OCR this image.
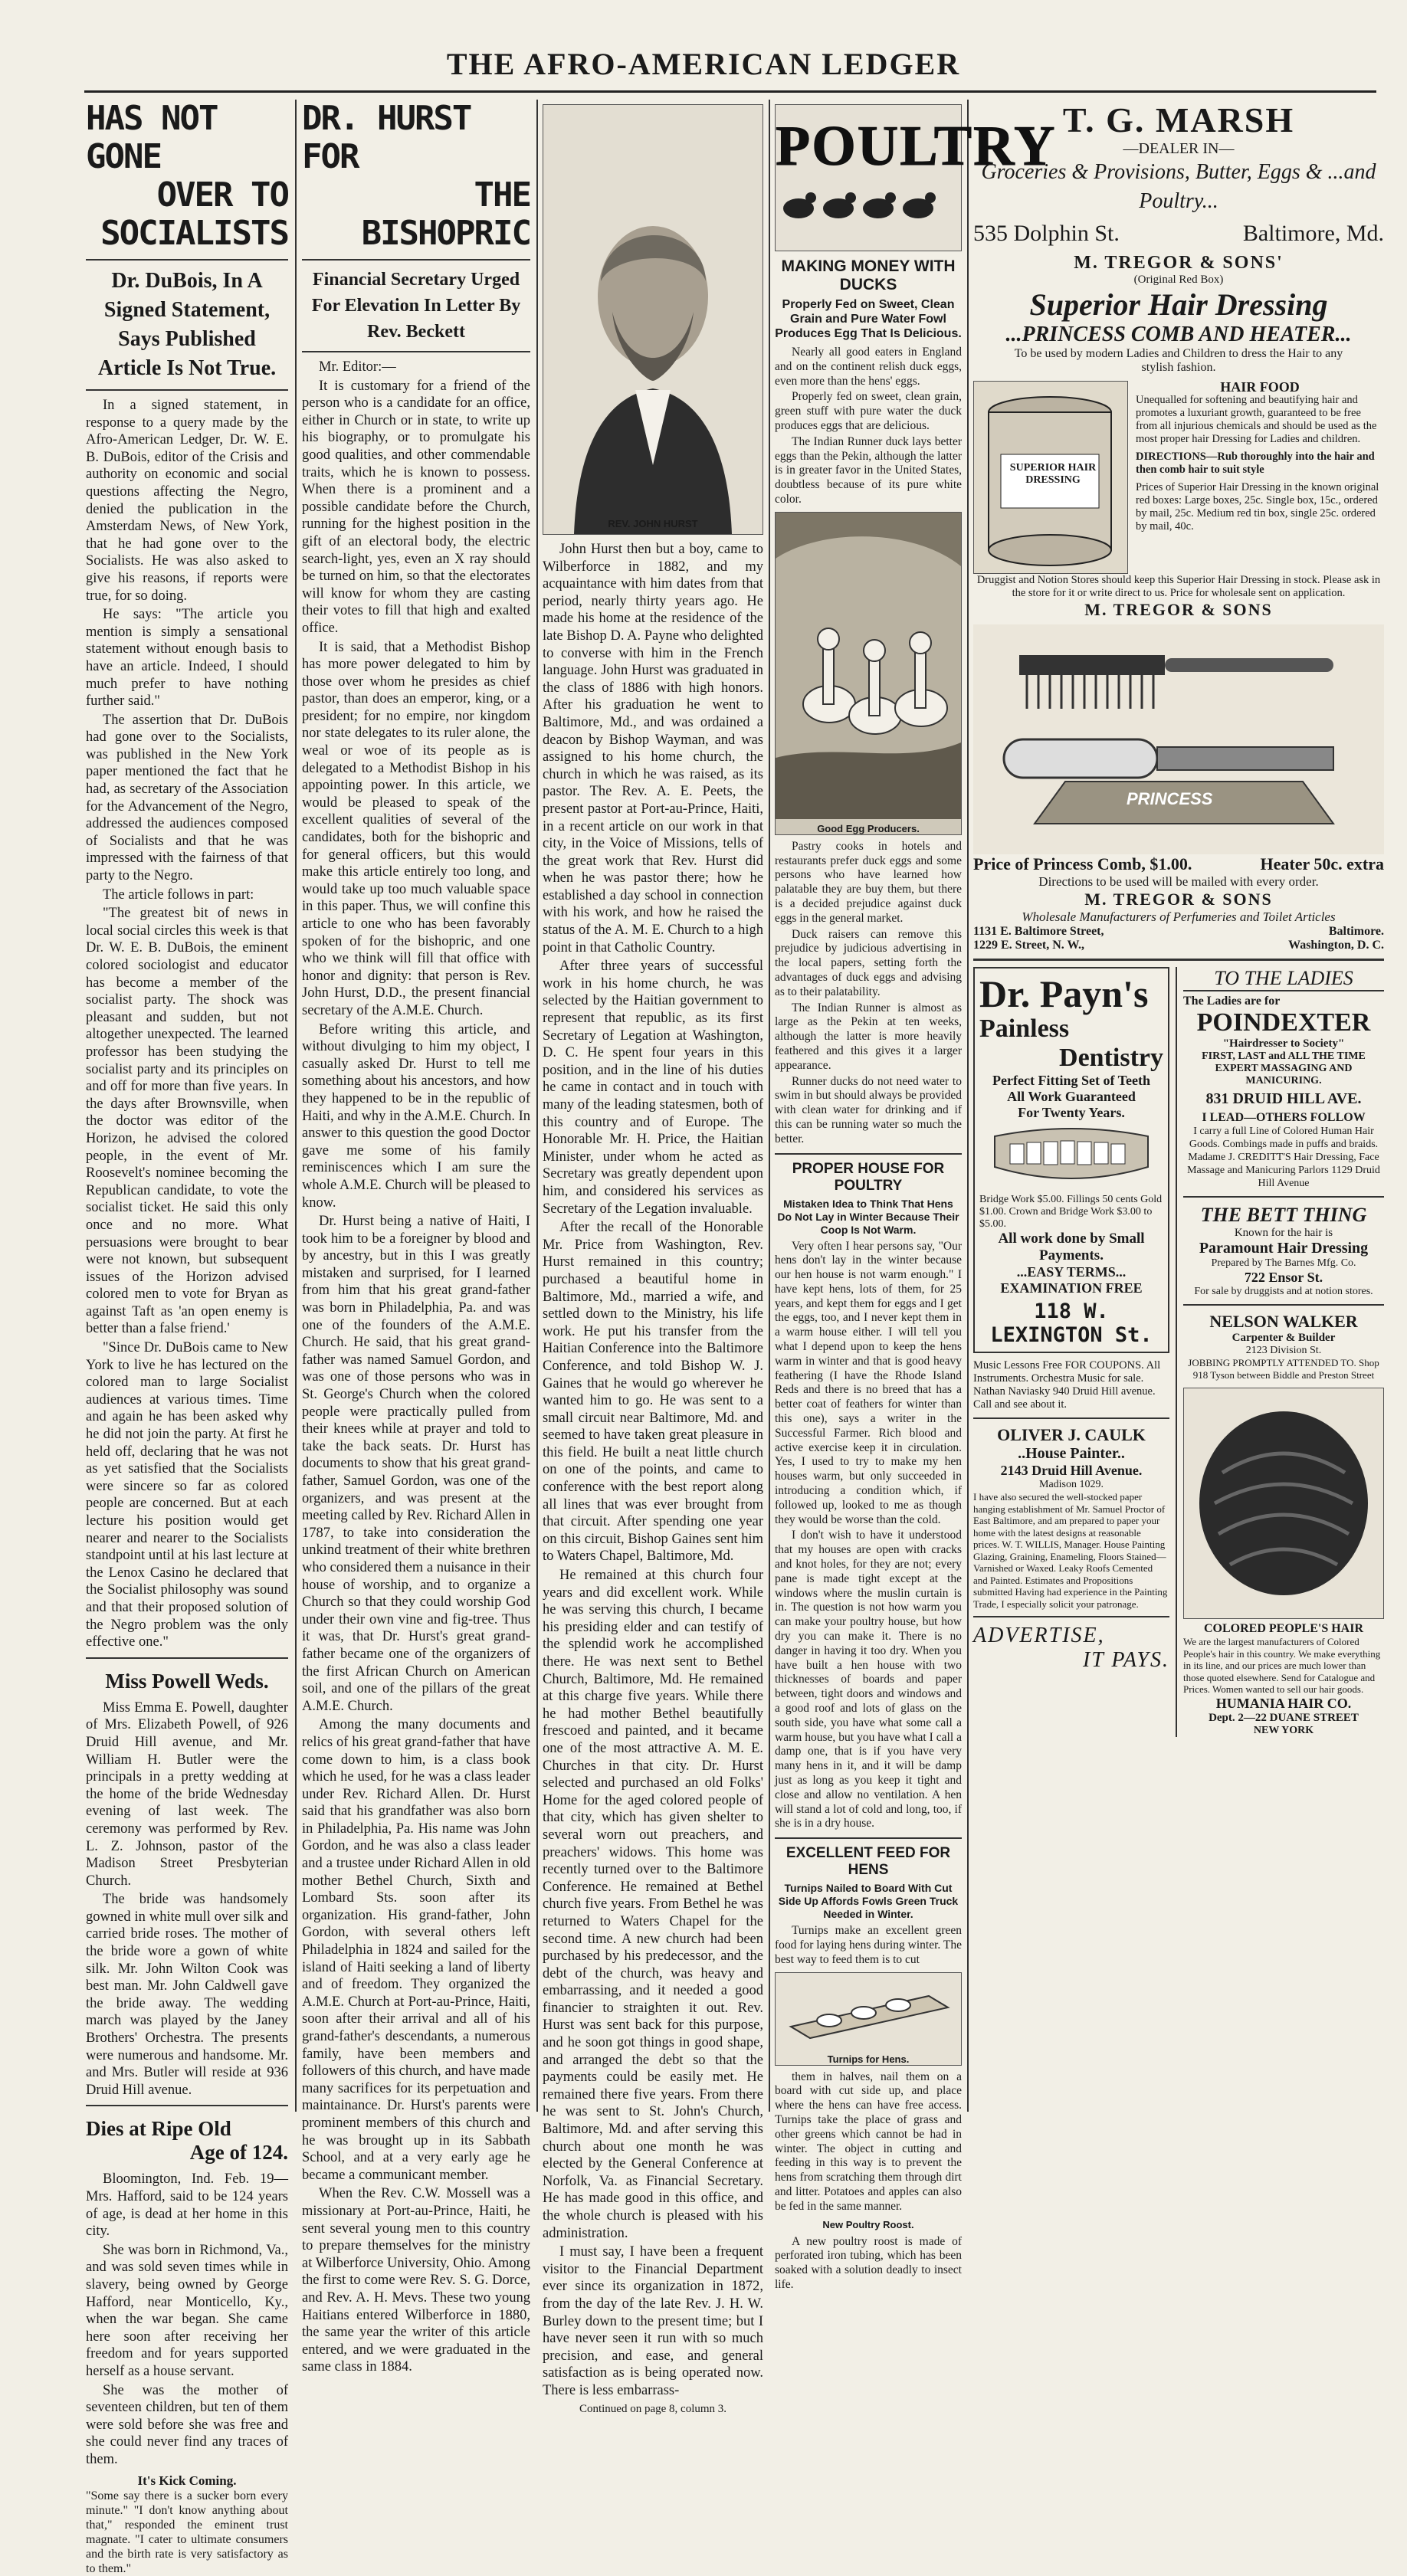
THE AFRO-AMERICAN LEDGER
HAS NOT GONE
OVER TO SOCIALISTS
Dr. DuBois, In A Signed Statement, Says Published Article Is Not True.

In a signed statement, in response to a query made by the Afro-American Ledger, Dr. W. E. B. DuBois, editor of the Crisis and authority on economic and social questions affecting the Negro, denied the publication in the Amsterdam News, of New York, that he had gone over to the Socialists. He was also asked to give his reasons, if reports were true, for so doing.

He says: "The article you mention is simply a sensational statement without enough basis to have an article. Indeed, I should much prefer to have nothing further said."

The assertion that Dr. DuBois had gone over to the Socialists, was published in the New York paper mentioned the fact that he had, as secretary of the Association for the Advancement of the Negro, addressed the audiences composed of Socialists and that he was impressed with the fairness of that party to the Negro.

The article follows in part:

"The greatest bit of news in local social circles this week is that Dr. W. E. B. DuBois, the eminent colored sociologist and educator has become a member of the socialist party. The shock was pleasant and sudden, but not altogether unexpected. The learned professor has been studying the socialist party and its principles on and off for more than five years. In the days after Brownsville, when the doctor was editor of the Horizon, he advised the colored people, in the event of Mr. Roosevelt's nominee becoming the Republican candidate, to vote the socialist ticket. He said this only once and no more. What persuasions were brought to bear were not known, but subsequent issues of the Horizon advised colored men to vote for Bryan as against Taft as 'an open enemy is better than a false friend.'

"Since Dr. DuBois came to New York to live he has lectured on the colored man to large Socialist audiences at various times. Time and again he has been asked why he did not join the party. At first he held off, declaring that he was not as yet satisfied that the Socialists were sincere so far as colored people are concerned. But at each lecture his position would get nearer and nearer to the Socialists standpoint until at his last lecture at the Lenox Casino he declared that the Socialist philosophy was sound and that their proposed solution of the Negro problem was the only effective one."

Miss Powell Weds.

Miss Emma E. Powell, daughter of Mrs. Elizabeth Powell, of 926 Druid Hill avenue, and Mr. William H. Butler were the principals in a pretty wedding at the home of the bride Wednesday evening of last week. The ceremony was performed by Rev. L. Z. Johnson, pastor of the Madison Street Presbyterian Church.

The bride was handsomely gowned in white mull over silk and carried bride roses. The mother of the bride wore a gown of white silk. Mr. John Wilton Cook was best man. Mr. John Caldwell gave the bride away. The wedding march was played by the Janey Brothers' Orchestra. The presents were numerous and handsome. Mr. and Mrs. Butler will reside at 936 Druid Hill avenue.

Dies at Ripe Old
Age of 124.

Bloomington, Ind. Feb. 19—Mrs. Hafford, said to be 124 years of age, is dead at her home in this city.

She was born in Richmond, Va., and was sold seven times while in slavery, being owned by George Hafford, near Monticello, Ky., when the war began. She came here soon after receiving her freedom and for years supported herself as a house servant.

She was the mother of seventeen children, but ten of them were sold before she was free and she could never find any traces of them.

It's Kick Coming.
"Some say there is a sucker born every minute." "I don't know anything about that," responded the eminent trust magnate. "I cater to ultimate consumers and the birth rate is very satisfactory as to them."
DR. HURST FOR
THE BISHOPRIC
Financial Secretary Urged For Elevation In Letter By Rev. Beckett

Mr. Editor:—

It is customary for a friend of the person who is a candidate for an office, either in Church or in state, to write up his biography, or to promulgate his good qualities, and other commendable traits, which he is known to possess. When there is a prominent and a possible candidate before the Church, running for the highest position in the gift of an electoral body, the electric search-light, yes, even an X ray should be turned on him, so that the electorates will know for whom they are casting their votes to fill that high and exalted office.

It is said, that a Methodist Bishop has more power delegated to him by those over whom he presides as chief pastor, than does an emperor, king, or a president; for no empire, nor kingdom nor state delegates to its ruler alone, the weal or woe of its people as is delegated to a Methodist Bishop in his appointing power. In this article, we would be pleased to speak of the excellent qualities of several of the candidates, both for the bishopric and for general officers, but this would make this article entirely too long, and would take up too much valuable space in this paper. Thus, we will confine this article to one who has been favorably spoken of for the bishopric, and one who we think will fill that office with honor and dignity: that person is Rev. John Hurst, D.D., the present financial secretary of the A.M.E. Church.

Before writing this article, and without divulging to him my object, I casually asked Dr. Hurst to tell me something about his ancestors, and how they happened to be in the republic of Haiti, and why in the A.M.E. Church. In answer to this question the good Doctor gave me some of his family reminiscences which I am sure the whole A.M.E. Church will be pleased to know.

Dr. Hurst being a native of Haiti, I took him to be a foreigner by blood and by ancestry, but in this I was greatly mistaken and surprised, for I learned from him that his great grand-father was born in Philadelphia, Pa. and was one of the founders of the A.M.E. Church. He said, that his great grand-father was named Samuel Gordon, and was one of those persons who was in St. George's Church when the colored people were practically pulled from their knees while at prayer and told to take the back seats. Dr. Hurst has documents to show that his great grand-father, Samuel Gordon, was one of the organizers, and was present at the meeting called by Rev. Richard Allen in 1787, to take into consideration the unkind treatment of their white brethren who considered them a nuisance in their house of worship, and to organize a Church so that they could worship God under their own vine and fig-tree. Thus it was, that Dr. Hurst's great grand-father became one of the organizers of the first African Church on American soil, and one of the pillars of the great A.M.E. Church.

Among the many documents and relics of his great grand-father that have come down to him, is a class book which he used, for he was a class leader under Rev. Richard Allen. Dr. Hurst said that his grandfather was also born in Philadelphia, Pa. His name was John Gordon, and he was also a class leader and a trustee under Richard Allen in old mother Bethel Church, Sixth and Lombard Sts. soon after its organization. His grand-father, John Gordon, with several others left Philadelphia in 1824 and sailed for the island of Haiti seeking a land of liberty and of freedom. They organized the A.M.E. Church at Port-au-Prince, Haiti, soon after their arrival and all of his grand-father's descendants, a numerous family, have been members and followers of this church, and have made many sacrifices for its perpetuation and maintainance. Dr. Hurst's parents were prominent members of this church and he was brought up in its Sabbath School, and at a very early age he became a communicant member.

When the Rev. C.W. Mossell was a missionary at Port-au-Prince, Haiti, he sent several young men to this country to prepare themselves for the ministry at Wilberforce University, Ohio. Among the first to come were Rev. S. G. Dorce, and Rev. A. H. Mevs. These two young Haitians entered Wilberforce in 1880, the same year the writer of this article entered, and we were graduated in the same class in 1884.

REV. JOHN HURST

John Hurst then but a boy, came to Wilberforce in 1882, and my acquaintance with him dates from that period, nearly thirty years ago. He made his home at the residence of the late Bishop D. A. Payne who delighted to converse with him in the French language. John Hurst was graduated in the class of 1886 with high honors. After his graduation he went to Baltimore, Md., and was ordained a deacon by Bishop Wayman, and was assigned to his home church, the church in which he was raised, as its pastor. The Rev. A. E. Peets, the present pastor at Port-au-Prince, Haiti, in a recent article on our work in that city, in the Voice of Missions, tells of the great work that Rev. Hurst did when he was pastor there; how he established a day school in connection with his work, and how he raised the status of the A. M. E. Church to a high point in that Catholic Country.

After three years of successful work in his home church, he was selected by the Haitian government to represent that republic, as its first Secretary of Legation at Washington, D. C. He spent four years in this position, and in the line of his duties he came in contact and in touch with many of the leading statesmen, both of this country and of Europe. The Honorable Mr. H. Price, the Haitian Minister, under whom he acted as Secretary was greatly dependent upon him, and considered his services as Secretary of the Legation invaluable.

After the recall of the Honorable Mr. Price from Washington, Rev. Hurst remained in this country; purchased a beautiful home in Baltimore, Md., married a wife, and settled down to the Ministry, his life work. He put his transfer from the Haitian Conference into the Baltimore Conference, and told Bishop W. J. Gaines that he would go wherever he wanted him to go. He was sent to a small circuit near Baltimore, Md. and seemed to have taken great pleasure in this field. He built a neat little church on one of the points, and came to conference with the best report along all lines that was ever brought from that circuit. After spending one year on this circuit, Bishop Gaines sent him to Waters Chapel, Baltimore, Md.

He remained at this church four years and did excellent work. While he was serving this church, I became his presiding elder and can testify of the splendid work he accomplished there. He was next sent to Bethel Church, Baltimore, Md. He remained at this charge five years. While there he had mother Bethel beautifully frescoed and painted, and it became one of the most attractive A. M. E. Churches in that city. Dr. Hurst selected and purchased an old Folks' Home for the aged colored people of that city, which has given shelter to several worn out preachers, and preachers' widows. This home was recently turned over to the Baltimore Conference. He remained at Bethel church five years. From Bethel he was returned to Waters Chapel for the second time. A new church had been purchased by his predecessor, and the debt of the church, was heavy and embarrassing, and it needed a good financier to straighten it out. Rev. Hurst was sent back for this purpose, and he soon got things in good shape, and arranged the debt so that the payments could be easily met. He remained there five years. From there he was sent to St. John's Church, Baltimore, Md. and after serving this church about one month he was elected by the General Conference at Norfolk, Va. as Financial Secretary. He has made good in this office, and the whole church is pleased with his administration.

I must say, I have been a frequent visitor to the Financial Department ever since its organization in 1872, from the day of the late Rev. J. H. W. Burley down to the present time; but I have never seen it run with so much precision, and ease, and general satisfaction as is being operated now. There is less embarrass-

Continued on page 8, column 3.
POULTRY
MAKING MONEY WITH DUCKS
Properly Fed on Sweet, Clean Grain and Pure Water Fowl Produces Egg That Is Delicious.

Nearly all good eaters in England and on the continent relish duck eggs, even more than the hens' eggs.

Properly fed on sweet, clean grain, green stuff with pure water the duck produces eggs that are delicious.

The Indian Runner duck lays better eggs than the Pekin, although the latter is in greater favor in the United States, doubtless because of its pure white color.

Good Egg Producers.

Pastry cooks in hotels and restaurants prefer duck eggs and some persons who have learned how palatable they are buy them, but there is a decided prejudice against duck eggs in the general market.

Duck raisers can remove this prejudice by judicious advertising in the local papers, setting forth the advantages of duck eggs and advising as to their palatability.

The Indian Runner is almost as large as the Pekin at ten weeks, although the latter is more heavily feathered and this gives it a larger appearance.

Runner ducks do not need water to swim in but should always be provided with clean water for drinking and if this can be running water so much the better.

PROPER HOUSE FOR POULTRY
Mistaken Idea to Think That Hens Do Not Lay in Winter Because Their Coop Is Not Warm.

Very often I hear persons say, "Our hens don't lay in the winter because our hen house is not warm enough." I have kept hens, lots of them, for 25 years, and kept them for eggs and I get the eggs, too, and I never kept them in a warm house either. I will tell you what I depend upon to keep the hens warm in winter and that is good heavy feathering (I have the Rhode Island Reds and there is no breed that has a better coat of feathers for winter than this one), says a writer in the Successful Farmer. Rich blood and active exercise keep it in circulation. Yes, I used to try to make my hen houses warm, but only succeeded in introducing a condition which, if followed up, looked to me as though they would be worse than the cold.

I don't wish to have it understood that my houses are open with cracks and knot holes, for they are not; every pane is made tight except at the windows where the muslin curtain is in. The question is not how warm you can make your poultry house, but how dry you can make it. There is no danger in having it too dry. When you have built a hen house with two thicknesses of boards and paper between, tight doors and windows and a good roof and lots of glass on the south side, you have what some call a warm house, but you have what I call a damp one, that is if you have very many hens in it, and it will be damp just as long as you keep it tight and close and allow no ventilation. A hen will stand a lot of cold and long, too, if she is in a dry house.

EXCELLENT FEED FOR HENS
Turnips Nailed to Board With Cut Side Up Affords Fowls Green Truck Needed in Winter.

Turnips make an excellent green food for laying hens during winter. The best way to feed them is to cut

Turnips for Hens.

them in halves, nail them on a board with cut side up, and place where the hens can have free access. Turnips take the place of grass and other greens which cannot be had in winter. The object in cutting and feeding in this way is to prevent the hens from scratching them through dirt and litter. Potatoes and apples can also be fed in the same manner.

New Poultry Roost.

A new poultry roost is made of perforated iron tubing, which has been soaked with a solution deadly to insect life.

T. G. MARSH
—DEALER IN—
Groceries & Provisions, Butter, Eggs & ...and Poultry...
535 Dolphin St.	Baltimore, Md.
M. TREGOR & SONS'
(Original Red Box)
Superior Hair Dressing
...PRINCESS COMB AND HEATER...
To be used by modern Ladies and Children to dress the Hair to any stylish fashion.
SUPERIOR HAIR DRESSING
HAIR FOOD
Unequalled for softening and beautifying hair and promotes a luxuriant growth, guaranteed to be free from all injurious chemicals and should be used as the most proper hair Dressing for Ladies and children.
DIRECTIONS—Rub thoroughly into the hair and then comb hair to suit style
Prices of Superior Hair Dressing in the known original red boxes: Large boxes, 25c. Single box, 15c., ordered by mail, 25c. Medium red tin box, single 25c. ordered by mail, 40c.
Druggist and Notion Stores should keep this Superior Hair Dressing in stock. Please ask in the store for it or write direct to us. Price for wholesale sent on application.
M. TREGOR & SONS
PRINCESS
Price of Princess Comb, $1.00.	Heater 50c. extra
Directions to be used will be mailed with every order.
M. TREGOR & SONS
Wholesale Manufacturers of Perfumeries and Toilet Articles
1131 E. Baltimore Street,	Baltimore.
1229 E. Street, N. W.,	Washington, D. C.
Dr. Payn's
Painless
Dentistry
Perfect Fitting Set of Teeth
All Work Guaranteed
For Twenty Years.
Bridge Work $5.00. Fillings 50 cents Gold $1.00. Crown and Bridge Work $3.00 to $5.00.
All work done by Small Payments.
...EASY TERMS...
EXAMINATION FREE
118 W. LEXINGTON St.
Music Lessons Free FOR COUPONS. All Instruments. Orchestra Music for sale. Nathan Naviasky 940 Druid Hill avenue. Call and see about it.
OLIVER J. CAULK
..House Painter..
2143 Druid Hill Avenue.
Madison 1029.
I have also secured the well-stocked paper hanging establishment of Mr. Samuel Proctor of East Baltimore, and am prepared to paper your home with the latest designs at reasonable prices. W. T. WILLIS, Manager. House Painting Glazing, Graining, Enameling, Floors Stained—Varnished or Waxed. Leaky Roofs Cemented and Painted. Estimates and Propositions submitted Having had experience in the Painting Trade, I especially solicit your patronage.
ADVERTISE,
IT PAYS.
TO THE LADIES
The Ladies are for
POINDEXTER
"Hairdresser to Society"
FIRST, LAST and ALL THE TIME EXPERT MASSAGING AND MANICURING.
831 DRUID HILL AVE.
I LEAD—OTHERS FOLLOW
I carry a full Line of Colored Human Hair Goods. Combings made in puffs and braids. Madame J. CREDITT'S Hair Dressing, Face Massage and Manicuring Parlors 1129 Druid Hill Avenue
THE BETT THING
Known for the hair is
Paramount Hair Dressing
Prepared by The Barnes Mfg. Co.
722 Ensor St.
For sale by druggists and at notion stores.
NELSON WALKER
Carpenter & Builder
2123 Division St.
JOBBING PROMPTLY ATTENDED TO. Shop 918 Tyson between Biddle and Preston Street
COLORED PEOPLE'S HAIR
We are the largest manufacturers of Colored People's hair in this country. We make everything in its line, and our prices are much lower than those quoted elsewhere. Send for Catalogue and Prices. Women wanted to sell our hair goods.
HUMANIA HAIR CO.
Dept. 2—22 DUANE STREET
NEW YORK
